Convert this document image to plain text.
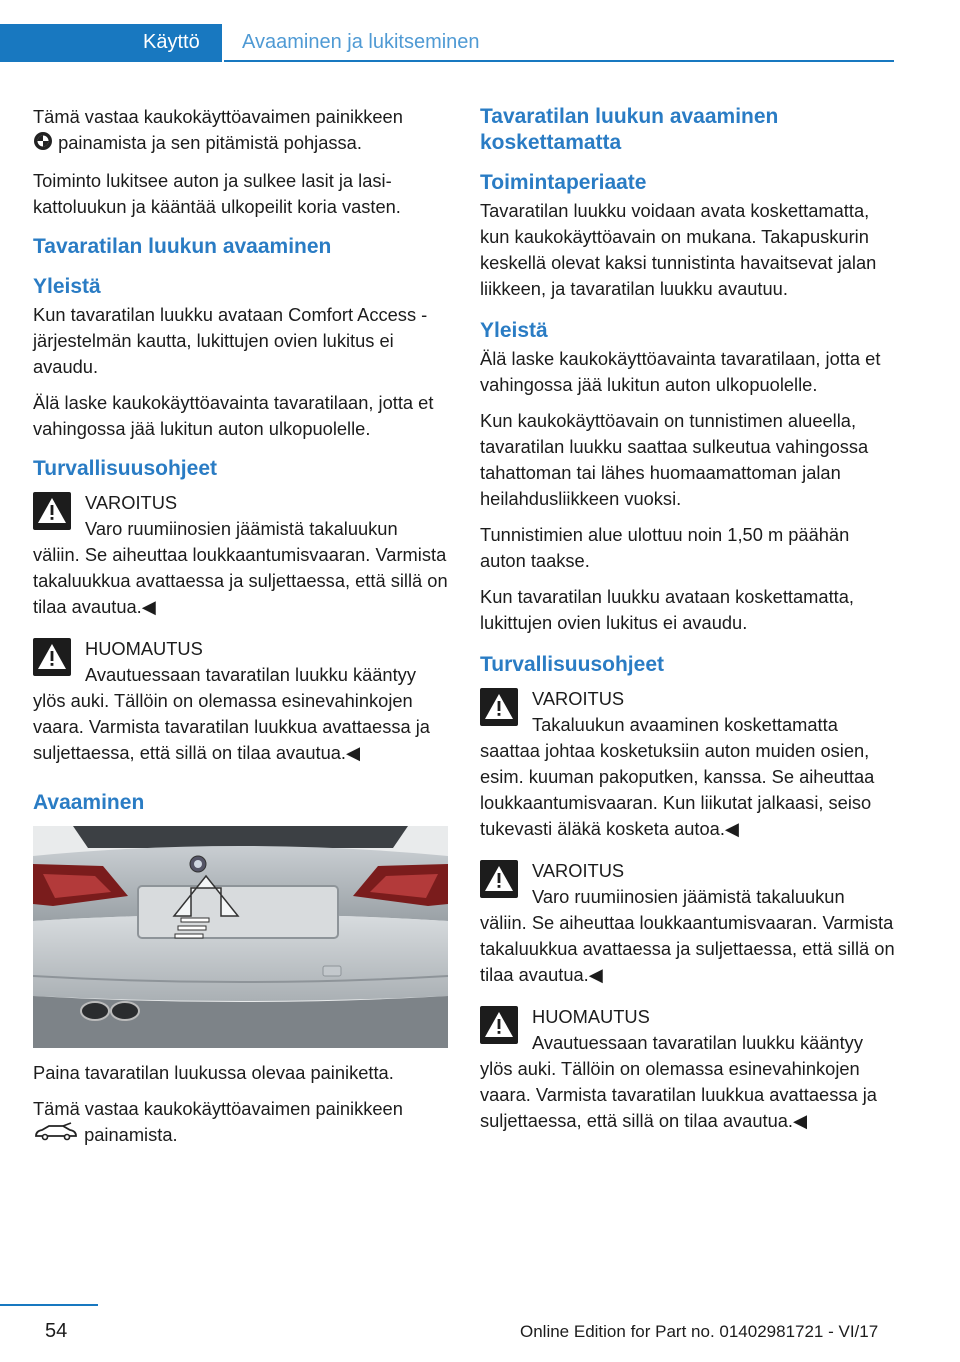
Käyttö	Avaaminen ja lukitseminen

Tämä vastaa kaukokäyttöavaimen painikkeen
painamista ja sen pitämistä pohjassa.

Toiminto lukitsee auton ja sulkee lasit ja lasikattoluukun ja kääntää ulkopeilit koria vasten.

Tavaratilan luukun avaaminen
Yleistä

Kun tavaratilan luukku avataan Comfort Access -järjestelmän kautta, lukittujen ovien lukitus ei avaudu.

Älä laske kaukokäyttöavainta tavaratilaan, jotta et vahingossa jää lukitun auton ulkopuolelle.

Turvallisuusohjeet
VAROITUS
Varo ruumiinosien jäämistä takaluukun väliin. Se aiheuttaa loukkaantumisvaaran. Varmista takaluukkua avattaessa ja suljettaessa, että sillä on tilaa avautua.◀
HUOMAUTUS
Avautuessaan tavaratilan luukku kääntyy ylös auki. Tällöin on olemassa esinevahinkojen vaara. Varmista tavaratilan luukkua avattaessa ja suljettaessa, että sillä on tilaa avautua.◀
Avaaminen

Paina tavaratilan luukussa olevaa painiketta.

Tämä vastaa kaukokäyttöavaimen painikkeen
painamista.

Tavaratilan luukun avaaminen koskettamatta
Toimintaperiaate

Tavaratilan luukku voidaan avata koskettamatta, kun kaukokäyttöavain on mukana. Takapuskurin keskellä olevat kaksi tunnistinta havaitsevat jalan liikkeen, ja tavaratilan luukku avautuu.

Yleistä

Älä laske kaukokäyttöavainta tavaratilaan, jotta et vahingossa jää lukitun auton ulkopuolelle.

Kun kaukokäyttöavain on tunnistimen alueella, tavaratilan luukku saattaa sulkeutua vahingossa tahattoman tai lähes huomaamattoman jalan heilahdusliikkeen vuoksi.

Tunnistimien alue ulottuu noin 1,50 m päähän auton taakse.

Kun tavaratilan luukku avataan koskettamatta, lukittujen ovien lukitus ei avaudu.

Turvallisuusohjeet
VAROITUS
Takaluukun avaaminen koskettamatta saattaa johtaa kosketuksiin auton muiden osien, esim. kuuman pakoputken, kanssa. Se aiheuttaa loukkaantumisvaaran. Kun liikutat jalkaasi, seiso tukevasti äläkä kosketa autoa.◀
VAROITUS
Varo ruumiinosien jäämistä takaluukun väliin. Se aiheuttaa loukkaantumisvaaran. Varmista takaluukkua avattaessa ja suljettaessa, että sillä on tilaa avautua.◀
HUOMAUTUS
Avautuessaan tavaratilan luukku kääntyy ylös auki. Tällöin on olemassa esinevahinkojen vaara. Varmista tavaratilan luukkua avattaessa ja suljettaessa, että sillä on tilaa avautua.◀
54	Online Edition for Part no. 01402981721 - VI/17
